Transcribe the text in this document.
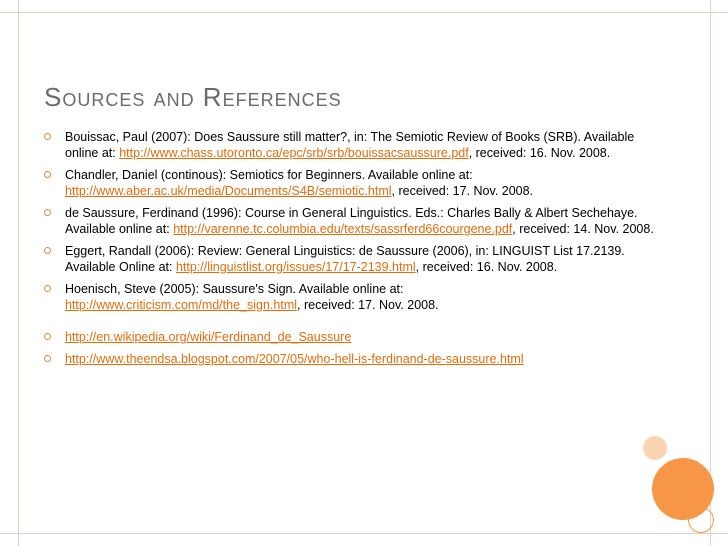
Sources and References
Bouissac, Paul (2007): Does Saussure still matter?, in: The Semiotic Review of Books (SRB). Available online at: http://www.chass.utoronto.ca/epc/srb/srb/bouissacsaussure.pdf, received: 16. Nov. 2008.
Chandler, Daniel (continous): Semiotics for Beginners. Available online at:
http://www.aber.ac.uk/media/Documents/S4B/semiotic.html, received: 17. Nov. 2008.
de Saussure, Ferdinand (1996): Course in General Linguistics. Eds.: Charles Bally & Albert Sechehaye. Available online at: http://varenne.tc.columbia.edu/texts/sassrferd66courgene.pdf, received: 14. Nov. 2008.
Eggert, Randall (2006): Review: General Linguistics: de Saussure (2006), in: LINGUIST List 17.2139. Available Online at: http://linguistlist.org/issues/17/17-2139.html, received: 16. Nov. 2008.
Hoenisch, Steve (2005): Saussure's Sign. Available online at:
http://www.criticism.com/md/the_sign.html, received: 17. Nov. 2008.
http://en.wikipedia.org/wiki/Ferdinand_de_Saussure
http://www.theendsa.blogspot.com/2007/05/who-hell-is-ferdinand-de-saussure.html
